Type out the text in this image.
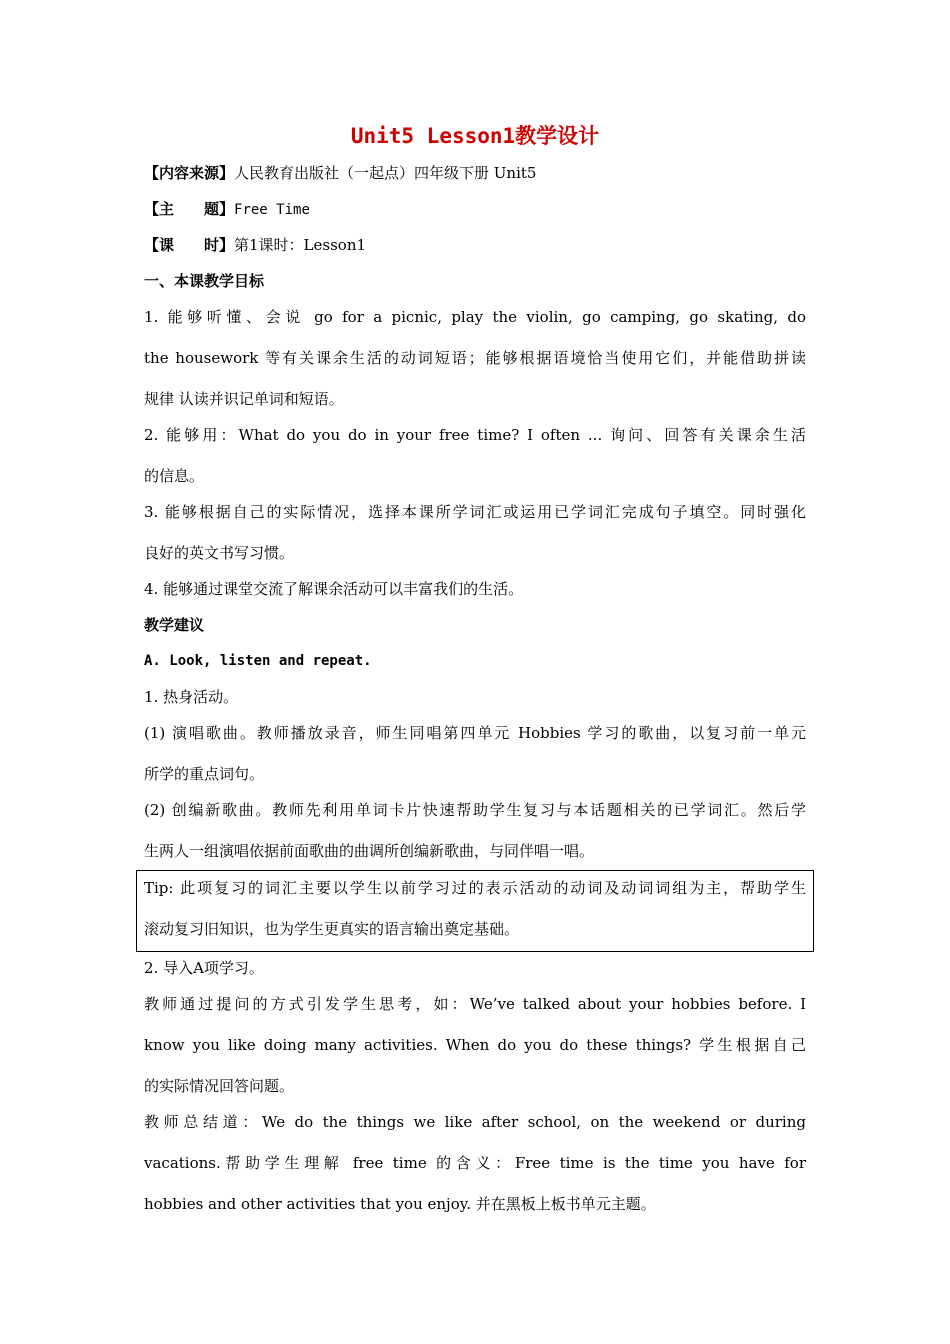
Unit5 Lesson1教学设计
【内容来源】人民教育出版社（一起点）四年级下册 Unit5
【主　　题】Free Time
【课　　时】第1课时：Lesson1
一、本课教学目标
1. 能够听懂、会说 go for a picnic, play the violin, go camping, go skating, do
the housework 等有关课余生活的动词短语；能够根据语境恰当使用它们，并能借助拼读
规律 认读并识记单词和短语。
2. 能够用：What do you do in your free time? I often ... 询问、回答有关课余生活
的信息。
3. 能够根据自己的实际情况，选择本课所学词汇或运用已学词汇完成句子填空。同时强化
良好的英文书写习惯。
4. 能够通过课堂交流了解课余活动可以丰富我们的生活。
教学建议
A. Look, listen and repeat.
1. 热身活动。
(1) 演唱歌曲。教师播放录音，师生同唱第四单元 Hobbies 学习的歌曲，以复习前一单元
所学的重点词句。
(2) 创编新歌曲。教师先利用单词卡片快速帮助学生复习与本话题相关的已学词汇。然后学
生两人一组演唱依据前面歌曲的曲调所创编新歌曲，与同伴唱一唱。
Tip: 此项复习的词汇主要以学生以前学习过的表示活动的动词及动词词组为主，帮助学生
滚动复习旧知识，也为学生更真实的语言输出奠定基础。
2. 导入A项学习。
教师通过提问的方式引发学生思考，如：We’ve talked about your hobbies before. I
know you like doing many activities. When do you do these things? 学生根据自己
的实际情况回答问题。
教师总结道：We do the things we like after school, on the weekend or during
vacations.帮助学生理解 free time 的含义：Free time is the time you have for
hobbies and other activities that you enjoy. 并在黑板上板书单元主题。
